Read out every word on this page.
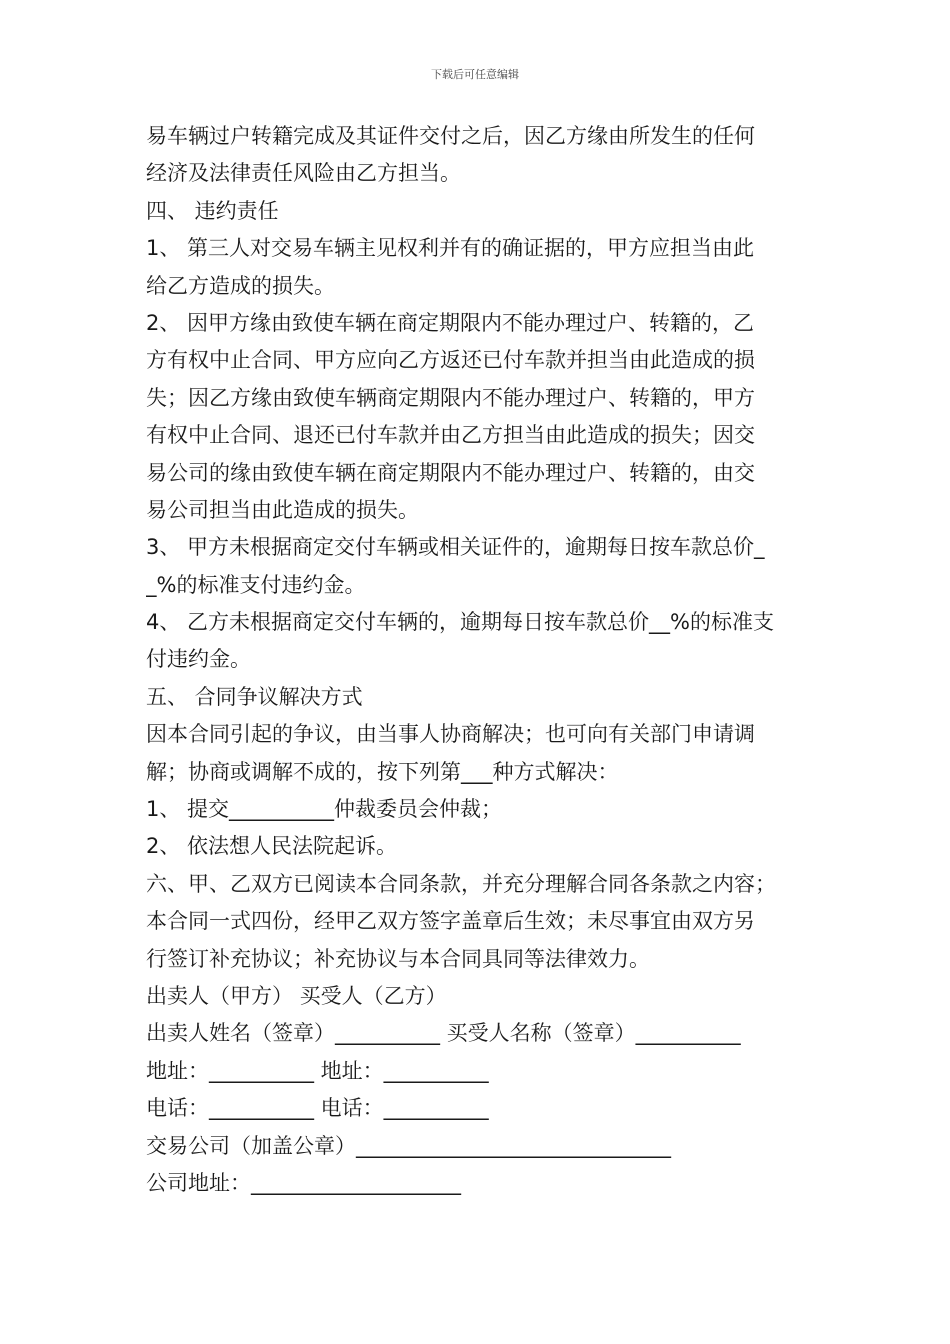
下载后可任意编辑
易车辆过户转籍完成及其证件交付之后，因乙方缘由所发生的任何
经济及法律责任风险由乙方担当。
四、 违约责任
1、 第三人对交易车辆主见权利并有的确证据的，甲方应担当由此
给乙方造成的损失。
2、 因甲方缘由致使车辆在商定期限内不能办理过户、转籍的，乙
方有权中止合同、甲方应向乙方返还已付车款并担当由此造成的损
失；因乙方缘由致使车辆商定期限内不能办理过户、转籍的，甲方
有权中止合同、退还已付车款并由乙方担当由此造成的损失；因交
易公司的缘由致使车辆在商定期限内不能办理过户、转籍的，由交
易公司担当由此造成的损失。
3、 甲方未根据商定交付车辆或相关证件的，逾期每日按车款总价_
_%的标准支付违约金。
4、 乙方未根据商定交付车辆的，逾期每日按车款总价__%的标准支
付违约金。
五、 合同争议解决方式
因本合同引起的争议，由当事人协商解决；也可向有关部门申请调
解；协商或调解不成的，按下列第___种方式解决：
1、 提交__________仲裁委员会仲裁；
2、 依法想人民法院起诉。
六、甲、乙双方已阅读本合同条款，并充分理解合同各条款之内容；
本合同一式四份，经甲乙双方签字盖章后生效；未尽事宜由双方另
行签订补充协议；补充协议与本合同具同等法律效力。
出卖人（甲方） 买受人（乙方）
出卖人姓名（签章）__________ 买受人名称（签章）__________
地址：__________ 地址：__________
电话：__________ 电话：__________
交易公司（加盖公章）______________________________
公司地址：____________________
